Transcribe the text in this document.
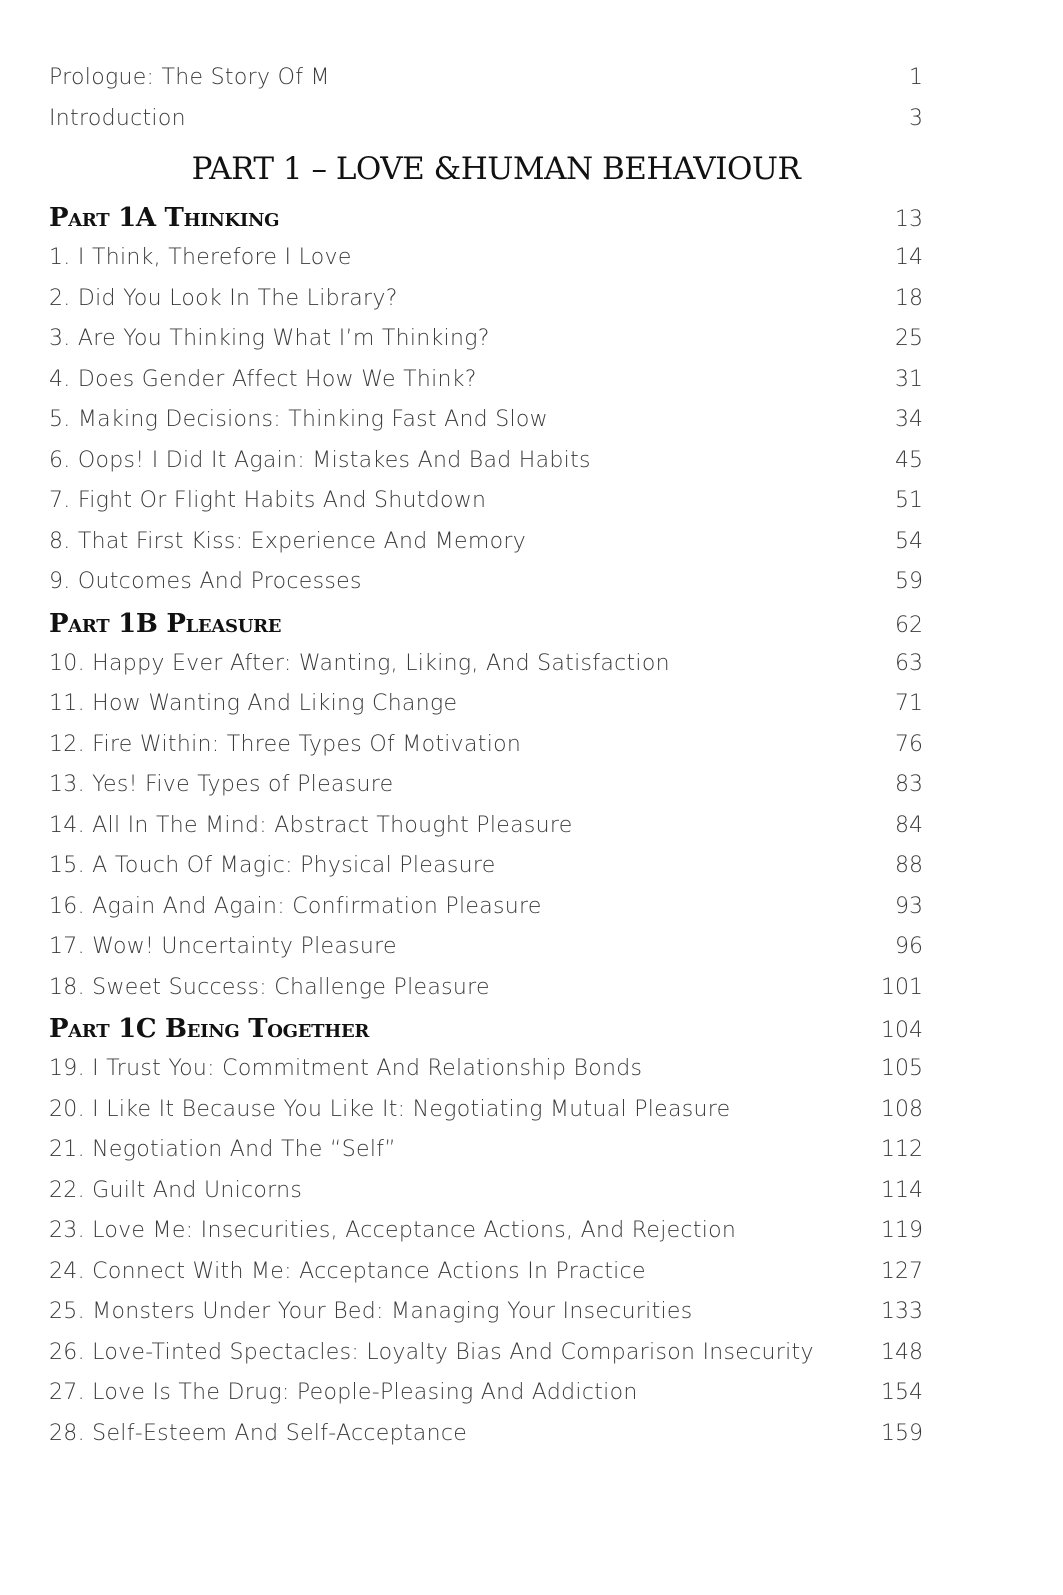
Prologue: The Story Of M	1
Introduction	3
PART 1 – LOVE &HUMAN BEHAVIOUR
Part 1A Thinking	13
1. I Think, Therefore I Love	14
2. Did You Look In The Library?	18
3. Are You Thinking What I’m Thinking?	25
4. Does Gender Affect How We Think?	31
5. Making Decisions: Thinking Fast And Slow	34
6. Oops! I Did It Again: Mistakes And Bad Habits	45
7. Fight Or Flight Habits And Shutdown	51
8. That First Kiss: Experience And Memory	54
9. Outcomes And Processes	59
Part 1B Pleasure	62
10. Happy Ever After: Wanting, Liking, And Satisfaction	63
11. How Wanting And Liking Change	71
12. Fire Within: Three Types Of Motivation	76
13. Yes! Five Types of Pleasure	83
14. All In The Mind: Abstract Thought Pleasure	84
15. A Touch Of Magic: Physical Pleasure	88
16. Again And Again: Confirmation Pleasure	93
17. Wow! Uncertainty Pleasure	96
18. Sweet Success: Challenge Pleasure	101
Part 1C Being Together	104
19. I Trust You: Commitment And Relationship Bonds	105
20. I Like It Because You Like It: Negotiating Mutual Pleasure	108
21. Negotiation And The “Self”	112
22. Guilt And Unicorns	114
23. Love Me: Insecurities, Acceptance Actions, And Rejection	119
24. Connect With Me: Acceptance Actions In Practice	127
25. Monsters Under Your Bed: Managing Your Insecurities	133
26. Love-Tinted Spectacles: Loyalty Bias And Comparison Insecurity	148
27. Love Is The Drug: People-Pleasing And Addiction	154
28. Self-Esteem And Self-Acceptance	159
